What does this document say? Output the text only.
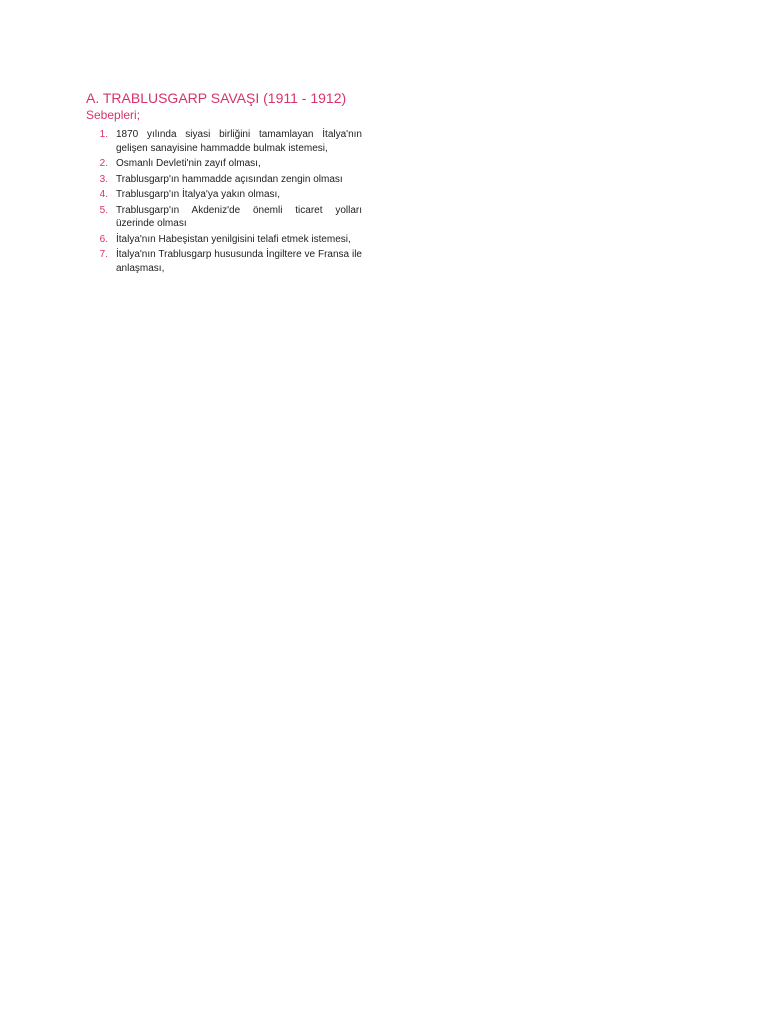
A. TRABLUSGARP SAVAŞI (1911 - 1912)
Sebepleri;
1. 1870 yılında siyasi birliğini tamamlayan İtalya'nın gelişen sanayisine hammadde bulmak istemesi,
2. Osmanlı Devleti'nin zayıf olması,
3. Trablusgarp'ın hammadde açısından zengin olması
4. Trablusgarp'ın İtalya'ya yakın olması,
5. Trablusgarp'ın Akdeniz'de önemli ticaret yolları üzerinde olması
6. İtalya'nın Habeşistan yenilgisini telafi etmek istemesi,
7. İtalya'nın Trablusgarp hususunda İngiltere ve Fransa ile anlaşması,
